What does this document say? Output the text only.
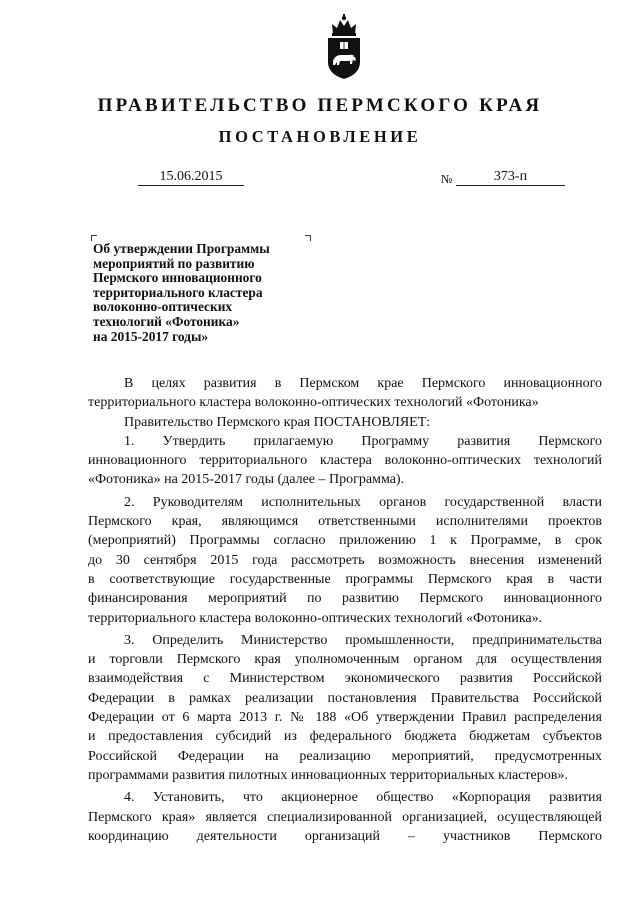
ПРАВИТЕЛЬСТВО ПЕРМСКОГО КРАЯ
ПОСТАНОВЛЕНИЕ
15.06.2015	№	373-п
Об утверждении Программы
мероприятий по развитию
Пермского инновационного
территориального кластера
волоконно-оптических
технологий «Фотоника»
на 2015-2017 годы»
В целях развития в Пермском крае Пермского инновационного
территориального кластера волоконно-оптических технологий «Фотоника»
Правительство Пермского края ПОСТАНОВЛЯЕТ:
1. Утвердить прилагаемую Программу развития Пермского
инновационного территориального кластера волоконно-оптических технологий
«Фотоника» на 2015-2017 годы (далее – Программа).
2. Руководителям исполнительных органов государственной власти
Пермского края, являющимся ответственными исполнителями проектов
(мероприятий) Программы согласно приложению 1 к Программе, в срок
до 30 сентября 2015 года рассмотреть возможность внесения изменений
в соответствующие государственные программы Пермского края в части
финансирования мероприятий по развитию Пермского инновационного
территориального кластера волоконно-оптических технологий «Фотоника».
3. Определить Министерство промышленности, предпринимательства
и торговли Пермского края уполномоченным органом для осуществления
взаимодействия с Министерством экономического развития Российской
Федерации в рамках реализации постановления Правительства Российской
Федерации от 6 марта 2013 г. № 188 «Об утверждении Правил распределения
и предоставления субсидий из федерального бюджета бюджетам субъектов
Российской Федерации на реализацию мероприятий, предусмотренных
программами развития пилотных инновационных территориальных кластеров».
4. Установить, что акционерное общество «Корпорация развития
Пермского края» является специализированной организацией, осуществляющей
координацию деятельности организаций – участников Пермского
